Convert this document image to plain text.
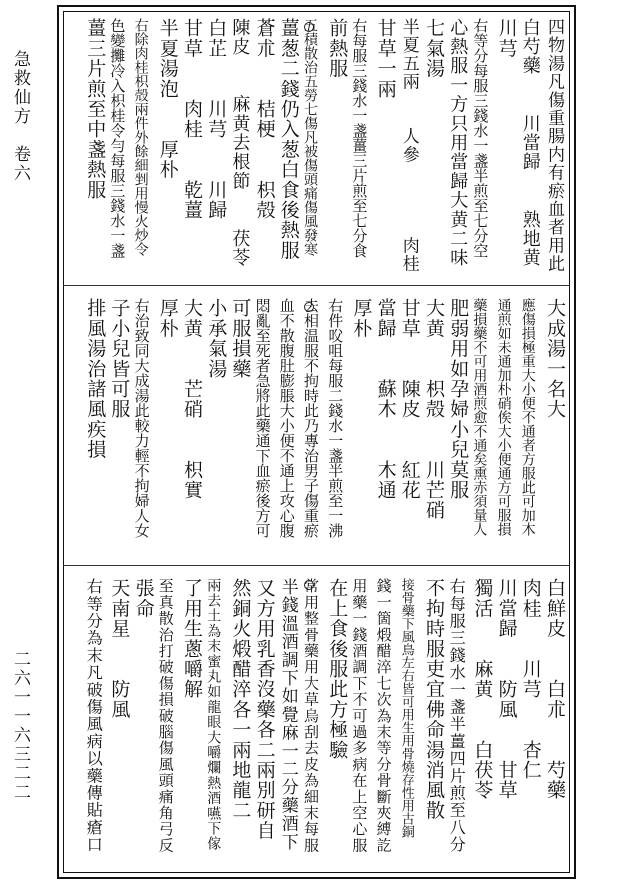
二六一一六三二二
急救仙方　卷六	四物湯凡傷重腸内有瘀血者用此
白芍藥　　川當歸　　熟地黄
川芎
右等分每服三錢水一盞半煎至七分空
心熱服一方只用當歸大黄二味
七氣湯
半夏五兩　　人參　　　　肉桂
甘草一兩
右每服三錢水一盞薑三片煎至七分食
前熱服
五積散治五勞七傷凡被傷頭痛傷風發寒
薑葱二錢仍入葱白食後熱服
蒼朮　　桔梗　　枳殻
陳皮　　麻黄去根節　　茯苓
白芷　　川芎　　川歸
甘草　　肉桂　　乾薑
半夏湯泡　　厚朴
右除肉桂枳殻兩件外餘細剉用慢火炒令
色變攤冷入枳桂令勻每服三錢水一盞
薑三片煎至中盞熱服
大成湯一名大
應傷損極重大小便不通者方服此可加木
通煎如未通加朴硝俟大小便通方可服損
藥損藥不可用酒煎愈不通矣熏赤須量人
肥弱用如孕婦小兒莫服
大黄　　枳殻　　川芒硝
甘草　　陳皮　　紅花
當歸　　蘇木　　木通
厚朴
右件㕮咀每服二錢水一盞半煎至一沸
去相温服不拘時此乃專治男子傷重瘀
血不散腹肚膨脹大小便不通上攻心腹
悶亂至死者急將此藥通下血瘀後方可
可服損藥
小承氣湯
大黄　　芒硝　　枳實
厚朴
右治致同大成湯此較力輕不拘婦人女
子小兒皆可服
排風湯治諸風疾損
白鮮皮　　白朮　　芍藥
肉桂　　川芎　　杏仁
川當歸　　防風　　甘草
獨活　　麻黄　　白茯苓
右每服三錢水一盞半薑四片煎至八分
不拘時服吏宜佛命湯消風散
接骨藥下風鳥左右皆可用生用骨燒存性用古銅
錢一箇煅醋淬七次為末等分骨斷夾縛訖
用藥一錢酒調下不可過多病在上空心服
在上食後服此方極驗
常用整骨藥用大草烏刮去皮為細末每服
半錢溫酒調下如覺麻一二分藥酒下
又方用乳香沒藥各二兩別研自
然銅火煅醋淬各一兩地龍二
兩去土為末蜜丸如龍眼大嚼爛熱酒嚥下傢
了用生蔥嚼解
至真散治打破傷損破腦傷風頭痛角弓反
張命
天南星　　防風
右等分為末凡破傷風病以藥傳貼瘡口
